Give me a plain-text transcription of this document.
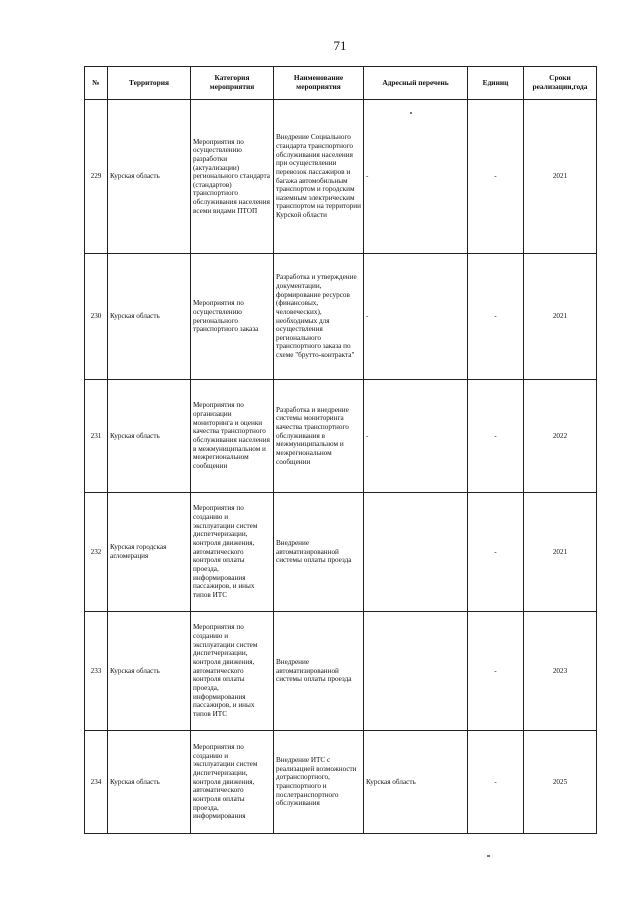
71
№	Территория	Категория мероприятия	Наименование мероприятия	Адресный перечень	Единиц	Сроки реализации,года
229	Курская область	Мероприятия по осуществлению разработки (актуализации) регионального стандарта (стандартов) транспортного обслуживания населения всеми видами ПТОП	Внедрение Социального стандарта транспортного обслуживания населения при осуществлении перевозок пассажиров и багажа автомобильным транспортом и городским наземным электрическим транспортом на территории Курской области	-	-	2021
230	Курская область	Мероприятия по осуществлению регионального транспортного заказа	Разработка и утверждение документации, формирование ресурсов (финансовых, человеческих), необходимых для осуществления регионального транспортного заказа по схеме "брутто-контракта"	-	-	2021
231	Курская область	Мероприятия по организации мониторинга и оценки качества транспортного обслуживания населения в межмуниципальном и межрегиональном сообщении	Разработка и внедрение системы мониторинга качества транспортного обслуживания в межмуниципальном и межрегиональном сообщении	-	-	2022
232	Курская городская агломерация	Мероприятия по созданию и эксплуатации систем диспетчеризации, контроля движения, автоматического контроля оплаты проезда, информирования пассажиров, и иных типов ИТС	Внедрение автоматизированной системы оплаты проезда		-	2021
233	Курская область	Мероприятия по созданию и эксплуатации систем диспетчеризации, контроля движения, автоматического контроля оплаты проезда, информирования пассажиров, и иных типов ИТС	Внедрение автоматизированной системы оплаты проезда		-	2023
234	Курская область	Мероприятия по созданию и эксплуатации систем диспетчеризации, контроля движения, автоматического контроля оплаты проезда, информирования	Внедрение ИТС с реализацией возможности дотранспортного, транспортного и послетранспортного обслуживания	Курская область	-	2025
